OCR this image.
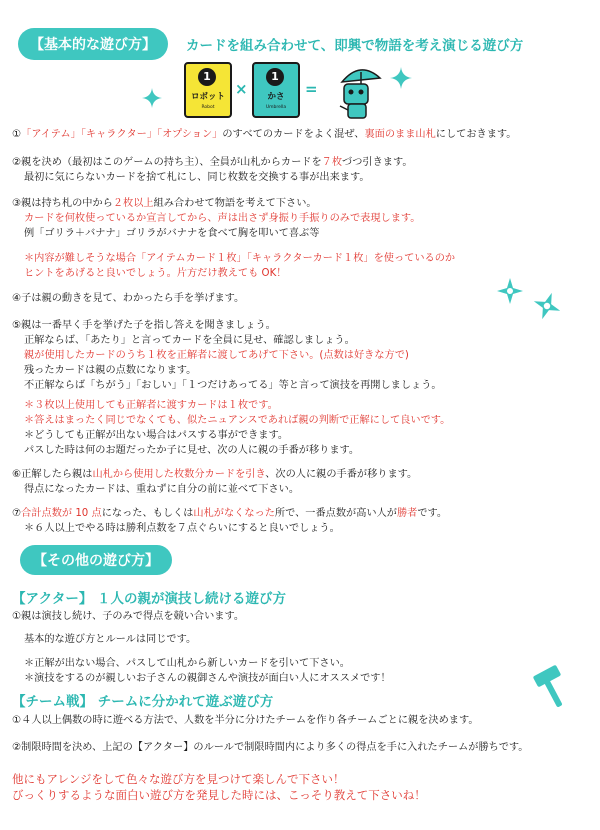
【基本的な遊び方】	カードを組み合わせて、即興で物語を考え演じる遊び方
1
ロボット
Robot
×
1
かさ
Umbrella
=
①「アイテム」「キャラクター」「オプション」のすべてのカードをよく混ぜ、裏面のまま山札にしておきます。
②親を決め（最初はこのゲームの持ち主）、全員が山札からカードを７枚づつ引きます。
最初に気にらないカードを捨て札にし、同じ枚数を交換する事が出来ます。
③親は持ち札の中から２枚以上組み合わせて物語を考えて下さい。
カードを何枚使っているか宣言してから、声は出さず身振り手振りのみで表現します。
例「ゴリラ＋バナナ」ゴリラがバナナを食べて胸を叩いて喜ぶ等
＊内容が難しそうな場合「アイテムカード１枚」「キャラクターカード１枚」を使っているのか
ヒントをあげると良いでしょう。片方だけ教えても OK！
④子は親の動きを見て、わかったら手を挙げます。
⑤親は一番早く手を挙げた子を指し答えを聞きましょう。
正解ならば、「あたり」と言ってカードを全員に見せ、確認しましょう。
親が使用したカードのうち１枚を正解者に渡してあげて下さい。(点数は好きな方で)
残ったカードは親の点数になります。
不正解ならば「ちがう」「おしい」「１つだけあってる」等と言って演技を再開しましょう。
＊３枚以上使用しても正解者に渡すカードは１枚です。
＊答えはまったく同じでなくても、似たニュアンスであれば親の判断で正解にして良いです。
＊どうしても正解が出ない場合はパスする事ができます。
パスした時は何のお題だったか子に見せ、次の人に親の手番が移ります。
⑥正解したら親は山札から使用した枚数分カードを引き、次の人に親の手番が移ります。
得点になったカードは、重ねずに自分の前に並べて下さい。
⑦合計点数が 10 点になった、もしくは山札がなくなった所で、一番点数が高い人が勝者です。
＊６人以上でやる時は勝利点数を７点ぐらいにすると良いでしょう。
【その他の遊び方】
【アクター】 １人の親が演技し続ける遊び方
①親は演技し続け、子のみで得点を競い合います。
基本的な遊び方とルールは同じです。
＊正解が出ない場合、パスして山札から新しいカードを引いて下さい。
＊演技をするのが親しいお子さんの親御さんや演技が面白い人にオススメです！
【チーム戦】 チームに分かれて遊ぶ遊び方
①４人以上偶数の時に遊べる方法で、人数を半分に分けたチームを作り各チームごとに親を決めます。
②制限時間を決め、上記の【アクター】のルールで制限時間内により多くの得点を手に入れたチームが勝ちです。
他にもアレンジをして色々な遊び方を見つけて楽しんで下さい！
びっくりするような面白い遊び方を発見した時には、こっそり教えて下さいね！
